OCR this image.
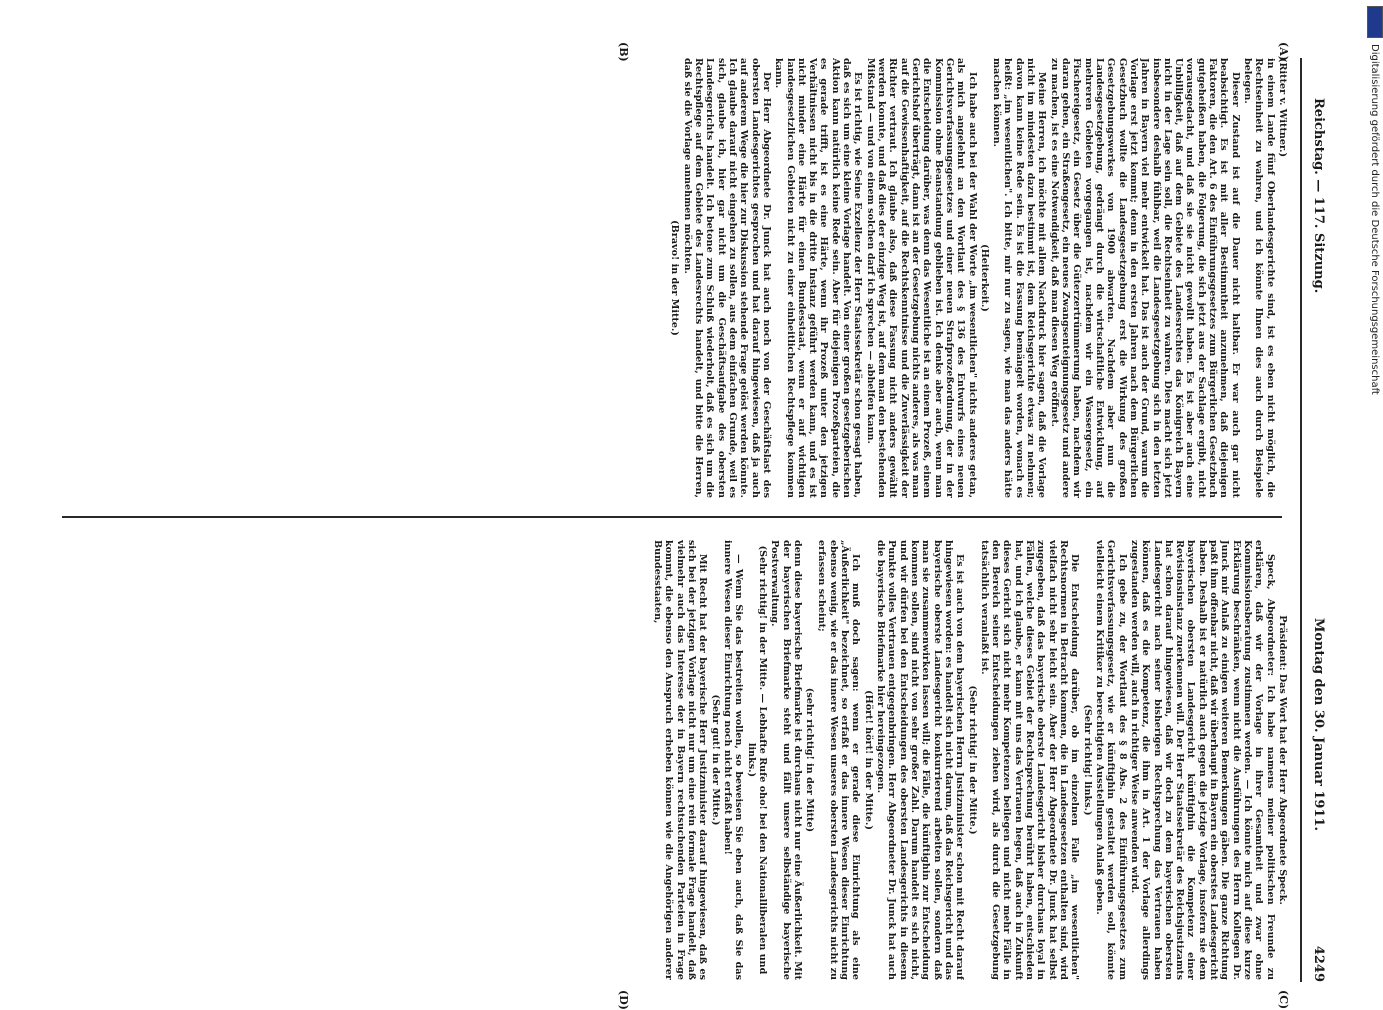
Reichstag. — 117. Sitzung.
Montag den 30. Januar 1911.
4249
(A)
(B)
(C)
(D)

(Ritter v. Wittner.)

in einem Lande fünf Oberlandesgerichte sind, ist es eben nicht möglich, die Rechtseinheit zu wahren, und ich könnte Ihnen dies auch durch Beispiele belegen.

Dieser Zustand ist auf die Dauer nicht haltbar. Er war auch gar nicht beabsichtigt. Es ist mit aller Bestimmtheit anzunehmen, daß diejenigen Faktoren, die den Art. 6 des Einführungsgesetzes zum Bürgerlichen Gesetzbuch gutgeheißen haben, die Folgerung, die sich jetzt aus der Sachlage ergibt, nicht vorausgedacht, und daß sie sie nicht gewollt haben. Es ist aber auch eine Unbilligkeit, daß auf dem Gebiete des Landesrechtes das Königreich Bayern nicht in der Lage sein soll, die Rechtseinheit zu wahren. Dies macht sich jetzt insbesondere deshalb fühlbar, weil die Landesgesetzgebung sich in den letzten Jahren in Bayern viel mehr entwickelt hat. Das ist auch der Grund, warum die Vorlage erst jetzt kommt; denn in den ersten Jahren nach dem Bürgerlichen Gesetzbuch wollte die Landesgesetzgebung erst die Wirkung des großen Gesetzgebungswerkes von 1900 abwarten. Nachdem aber nun die Landesgesetzgebung, gedrängt durch die wirtschaftliche Entwicklung, auf mehreren Gebieten vorgegangen ist, nachdem wir ein Wassergesetz, ein Fischereigesetz, ein Gesetz über die Güterzertrümmerung haben, nachdem wir daran gehen, ein Straßengesetz, ein neues Zwangsenteignungsgesetz und andere zu machen, ist es eine Notwendigkeit, daß man diesen Weg eröffnet.

Meine Herren, ich möchte mit allem Nachdruck hier sagen, daß die Vorlage nicht im mindesten dazu bestimmt ist, dem Reichsgerichte etwas zu nehmen; davon kann keine Rede sein. Es ist die Fassung bemängelt worden, wonach es heißt: „im wesentlichen". Ich bitte, mir nur zu sagen, wie man das anders hätte machen können.

(Heiterkeit.)

Ich habe auch bei der Wahl der Worte „im wesentlichen" nichts anderes getan, als mich angelehnt an den Wortlaut des § 136 des Entwurfs eines neuen Gerichtsverfassungsgesetzes und einer neuen Strafprozeßordnung, der in der Kommission ohne Beanstandung geblieben ist. Ich denke aber auch, wenn man die Entscheidung darüber, was denn das Wesentliche ist an einem Prozeß, einem Gerichtshof überträgt, dann ist an der Gesetzgebung nichts anderes, als was man auf die Gewissenhaftigkeit, auf die Rechtskenntnisse und die Zuverlässigkeit der Richter vertraut. Ich glaube also, daß diese Fassung nicht anders gewählt werden konnte, und daß dies der einzige Weg ist, auf dem man den bestehenden Mißstand — und von einem solchen darf ich sprechen — abhelfen kann.

Es ist richtig, wie Seine Exzellenz der Herr Staatssekretär schon gesagt haben, daß es sich um eine kleine Vorlage handelt. Von einer großen gesetzgeberischen Aktion kann natürlich keine Rede sein. Aber für diejenigen Prozeßparteien, die es gerade trifft, ist es eine Härte, wenn ihr Prozeß unter den jetzigen Verhältnissen nicht bis in die dritte Instanz geführt werden kann, und es ist nicht minder eine Härte für einen Bundesstaat, wenn er auf wichtigen landesgesetzlichen Gebieten nicht zu einer einheitlichen Rechtspflege kommen kann.

Der Herr Abgeordnete Dr. Junck hat auch noch von der Geschäftslast des obersten Landesgerichtes gesprochen und hat darauf hingewiesen, daß ja auch auf anderem Wege die hier zur Diskussion stehende Frage gelöst werden könnte. Ich glaube darauf nicht eingehen zu sollen, aus dem einfachen Grunde, weil es sich, glaube ich, hier gar nicht um die Geschäftsaufgabe des obersten Landesgerichts handelt. Ich betone zum Schluß wiederholt, daß es sich um die Rechtspflege auf dem Gebiete des Landesrechts handelt, und bitte die Herren, daß sie die Vorlage annehmen möchten.

(Bravo! in der Mitte.)

Präsident: Das Wort hat der Herr Abgeordnete Speck.

Speck, Abgeordneter: Ich habe namens meiner politischen Freunde zu erklären, daß wir der Vorlage in ihrer Gesamtheit und zwar ohne Kommissionsberatung zustimmen werden. — Ich könnte mich auf diese kurze Erklärung beschränken, wenn nicht die Ausführungen des Herrn Kollegen Dr. Junck mir Anlaß zu einigen weiteren Bemerkungen gäben. Die ganze Richtung paßt ihm offenbar nicht, daß wir überhaupt in Bayern ein oberstes Landesgericht haben. Deshalb ist er natürlich auch gegen die jetzige Vorlage, insofern sie dem bayerischen obersten Landesgericht künftighin die Kompetenz einer Revisionsinstanz zuerkennen will. Der Herr Staatssekretär des Reichsjustizamts hat schon darauf hingewiesen, daß wir doch zu dem bayerischen obersten Landesgericht nach seiner bisherigen Rechtsprechung das Vertrauen haben können, daß es die Kompetenz, die ihm in Art. 1 der Vorlage allerdings zugestanden werden will, auch in richtiger Weise anwenden wird.

Ich gebe zu, der Wortlaut des § 8 Abs. 2 des Einführungsgesetzes zum Gerichtsverfassungsgesetz, wie er künftighin gestaltet werden soll, könnte vielleicht einem Kritiker zu berechtigten Ausstellungen Anlaß geben.

(Sehr richtig! links.)

Die Entscheidung darüber, ob im einzelnen Falle „im wesentlichen" Rechtsnormen in Betracht kommen, die in Landesgesetzen enthalten sind, wird vielfach nicht sehr leicht sein. Aber der Herr Abgeordnete Dr. Junck hat selbst zugegeben, daß das bayerische oberste Landesgericht bisher durchaus loyal in Fällen, welche dieses Gebiet der Rechtsprechung berührt haben, entschieden hat, und ich glaube, er kann mit uns das Vertrauen hegen, daß auch in Zukunft dieses Gericht sich nicht mehr Kompetenzen beilegen und nicht mehr Fälle in den Bereich seiner Entscheidungen ziehen wird, als durch die Gesetzgebung tatsächlich veranlaßt ist.

(Sehr richtig! in der Mitte.)

Es ist auch von dem bayerischen Herrn Justizminister schon mit Recht darauf hingewiesen worden: es handelt sich nicht darum, daß das Reichsgericht und das bayerische oberste Landesgericht konkurrierend arbeiten sollen, sondern daß man sie zusammenwirken lassen will; die Fälle, die künftighin zur Entscheidung kommen sollen, sind nicht von sehr großer Zahl. Darum handelt es sich nicht, und wir dürfen bei den Entscheidungen des obersten Landesgerichts in diesem Punkte volles Vertrauen entgegenbringen. Herr Abgeordneter Dr. Junck hat auch die bayerische Briefmarke hier hereingezogen.

(Hört! hört! in der Mitte.)

Ich muß doch sagen: wenn er gerade diese Einrichtung als eine „Äußerlichkeit" bezeichnet, so erfaßt er das innere Wesen dieser Einrichtung ebenso wenig, wie er das innere Wesen unseres obersten Landesgerichts nicht zu erfassen scheint;

(sehr richtig! in der Mitte)

denn diese bayerische Briefmarke ist durchaus nicht nur eine Äußerlichkeit. Mit der bayerischen Briefmarke steht und fällt unsere selbständige bayerische Postverwaltung.

(Sehr richtig! in der Mitte. — Lebhafte Rufe oho! bei den Nationalliberalen und links.)

— Wenn Sie das bestreiten wollen, so beweisen Sie eben auch, daß Sie das innere Wesen dieser Einrichtung noch nicht erfaßt haben!

(Sehr gut! in der Mitte.)

Mit Recht hat der bayerische Herr Justizminister darauf hingewiesen, daß es sich bei der jetzigen Vorlage nicht nur um eine rein formale Frage handelt, daß vielmehr auch das Interesse der in Bayern rechtsuchenden Parteien in Frage kommt, die ebenso den Anspruch erheben können wie die Angehörigen anderer Bundesstaaten,

Digitalisierung gefördert durch die Deutsche Forschungsgemeinschaft
